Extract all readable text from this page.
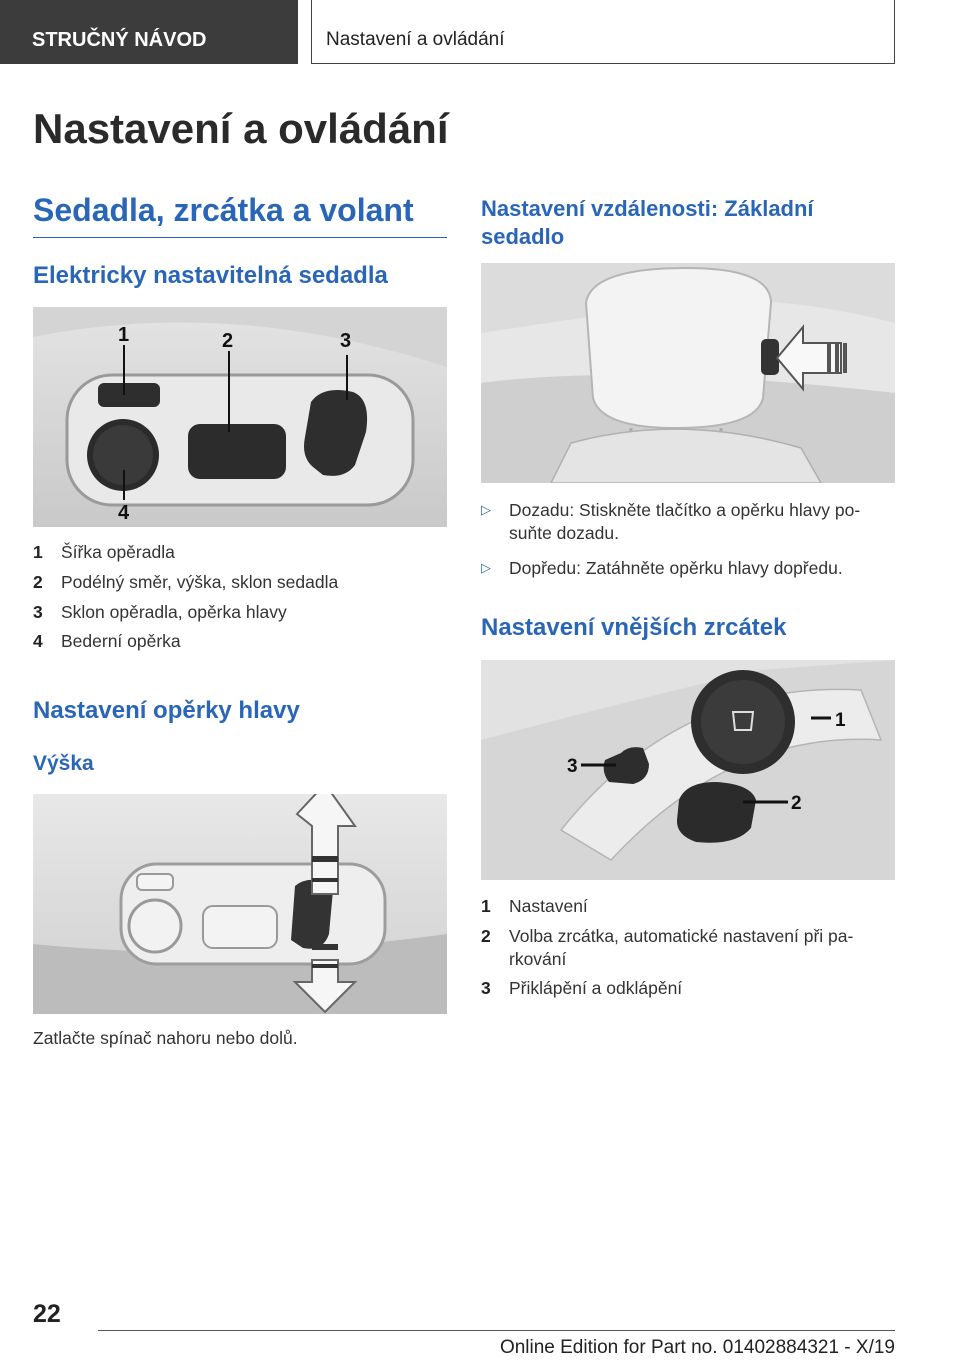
STRUČNÝ NÁVOD	Nastavení a ovládání
Nastavení a ovládání
Sedadla, zrcátka a volant
Elektricky nastavitelná sedadla
1	2	3
4
1	Šířka opěradla
2	Podélný směr, výška, sklon sedadla
3	Sklon opěradla, opěrka hlavy
4	Bederní opěrka
Nastavení opěrky hlavy
Výška
Zatlačte spínač nahoru nebo dolů.
Nastavení vzdálenosti: Základní sedadlo
▷	Dozadu: Stiskněte tlačítko a opěrku hlavy po-suňte dozadu.
▷	Dopředu: Zatáhněte opěrku hlavy dopředu.
Nastavení vnějších zrcátek
1
2
3
1	Nastavení
2	Volba zrcátka, automatické nastavení při pa-rkování
3	Přiklápění a odklápění
22
Online Edition for Part no. 01402884321 - X/19
